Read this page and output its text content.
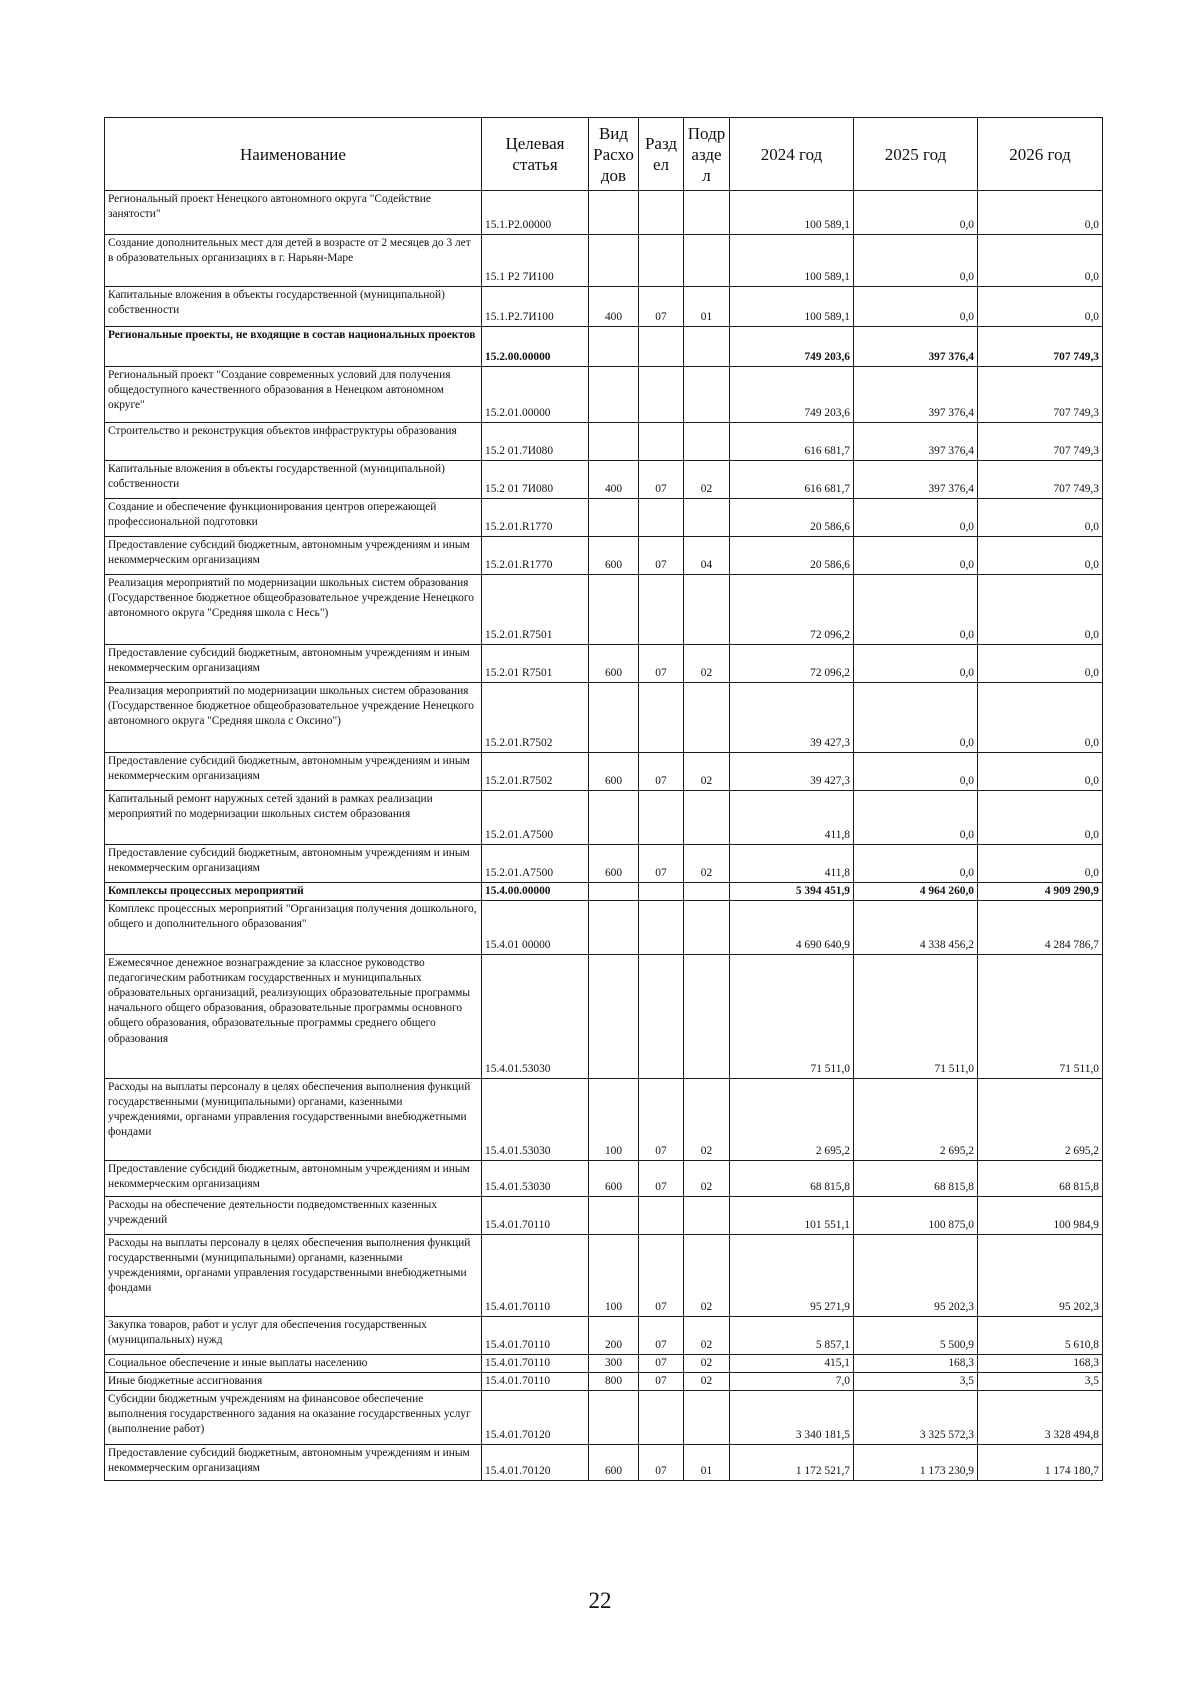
Наименование	Целевая статья	Вид Расхо дов	Разд ел	Подр азде л	2024 год	2025 год	2026 год
Региональный проект Ненецкого автономного округа "Содействие занятости"	15.1.Р2.00000				100 589,1	0,0	0,0
Создание дополнительных мест для детей в возрасте от 2 месяцев до 3 лет в образовательных организациях в г. Нарьян-Маре	15.1 Р2 7И100				100 589,1	0,0	0,0
Капитальные вложения в объекты государственной (муниципальной) собственности	15.1.Р2.7И100	400	07	01	100 589,1	0,0	0,0
Региональные проекты, не входящие в состав национальных проектов	15.2.00.00000				749 203,6	397 376,4	707 749,3
Региональный проект "Создание современных условий для получения общедоступного качественного образования в Ненецком автономном округе"	15.2.01.00000				749 203,6	397 376,4	707 749,3
Строительство и реконструкция объектов инфраструктуры образования	15.2 01.7И080				616 681,7	397 376,4	707 749,3
Капитальные вложения в объекты государственной (муниципальной) собственности	15.2 01 7И080	400	07	02	616 681,7	397 376,4	707 749,3
Создание и обеспечение функционирования центров опережающей профессиональной подготовки	15.2.01.R1770				20 586,6	0,0	0,0
Предоставление субсидий бюджетным, автономным учреждениям и иным некоммерческим организациям	15.2.01.R1770	600	07	04	20 586,6	0,0	0,0
Реализация мероприятий по модернизации школьных систем образования (Государственное бюджетное общеобразовательное учреждение Ненецкого автономного округа "Средняя школа с Несь")	15.2.01.R7501				72 096,2	0,0	0,0
Предоставление субсидий бюджетным, автономным учреждениям и иным некоммерческим организациям	15.2.01 R7501	600	07	02	72 096,2	0,0	0,0
Реализация мероприятий по модернизации школьных систем образования (Государственное бюджетное общеобразовательное учреждение Ненецкого автономного округа "Средняя школа с Оксино")	15.2.01.R7502				39 427,3	0,0	0,0
Предоставление субсидий бюджетным, автономным учреждениям и иным некоммерческим организациям	15.2.01.R7502	600	07	02	39 427,3	0,0	0,0
Капитальный ремонт наружных сетей зданий в рамках реализации мероприятий по модернизации школьных систем образования	15.2.01.А7500				411,8	0,0	0,0
Предоставление субсидий бюджетным, автономным учреждениям и иным некоммерческим организациям	15.2.01.А7500	600	07	02	411,8	0,0	0,0
Комплексы процессных мероприятий	15.4.00.00000				5 394 451,9	4 964 260,0	4 909 290,9
Комплекс процессных мероприятий "Организация получения дошкольного, общего и дополнительного образования"	15.4.01 00000				4 690 640,9	4 338 456,2	4 284 786,7
Ежемесячное денежное вознаграждение за классное руководство педагогическим работникам государственных и муниципальных образовательных организаций, реализующих образовательные программы начального общего образования, образовательные программы основного общего образования, образовательные программы среднего общего образования	15.4.01.53030				71 511,0	71 511,0	71 511,0
Расходы на выплаты персоналу в целях обеспечения выполнения функций государственными (муниципальными) органами, казенными учреждениями, органами управления государственными внебюджетными фондами	15.4.01.53030	100	07	02	2 695,2	2 695,2	2 695,2
Предоставление субсидий бюджетным, автономным учреждениям и иным некоммерческим организациям	15.4.01.53030	600	07	02	68 815,8	68 815,8	68 815,8
Расходы на обеспечение деятельности подведомственных казенных учреждений	15.4.01.70110				101 551,1	100 875,0	100 984,9
Расходы на выплаты персоналу в целях обеспечения выполнения функций государственными (муниципальными) органами, казенными учреждениями, органами управления государственными внебюджетными фондами	15.4.01.70110	100	07	02	95 271,9	95 202,3	95 202,3
Закупка товаров, работ и услуг для обеспечения государственных (муниципальных) нужд	15.4.01.70110	200	07	02	5 857,1	5 500,9	5 610,8
Социальное обеспечение и иные выплаты населению	15.4.01.70110	300	07	02	415,1	168,3	168,3
Иные бюджетные ассигнования	15.4.01.70110	800	07	02	7,0	3,5	3,5
Субсидии бюджетным учреждениям на финансовое обеспечение выполнения государственного задания на оказание государственных услуг (выполнение работ)	15.4.01.70120				3 340 181,5	3 325 572,3	3 328 494,8
Предоставление субсидий бюджетным, автономным учреждениям и иным некоммерческим организациям	15.4.01.70120	600	07	01	1 172 521,7	1 173 230,9	1 174 180,7
22
